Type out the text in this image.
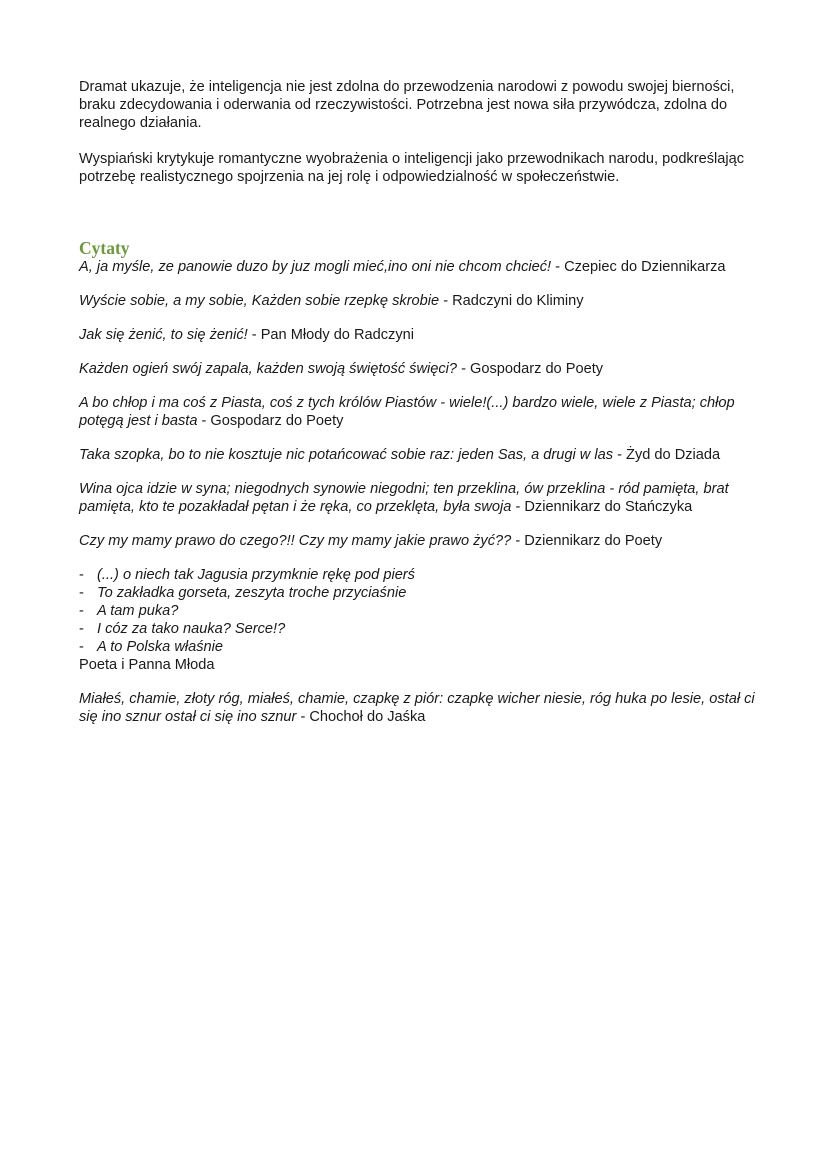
Dramat ukazuje, że inteligencja nie jest zdolna do przewodzenia narodowi z powodu swojej bierności, braku zdecydowania i oderwania od rzeczywistości. Potrzebna jest nowa siła przywódcza, zdolna do realnego działania.

Wyspiański krytykuje romantyczne wyobrażenia o inteligencji jako przewodnikach narodu, podkreślając potrzebę realistycznego spojrzenia na jej rolę i odpowiedzialność w społeczeństwie.

Cytaty

A, ja myśle, ze panowie duzo by juz mogli mieć,ino oni nie chcom chcieć! - Czepiec do Dziennikarza

Wyście sobie, a my sobie, Każden sobie rzepkę skrobie - Radczyni do Kliminy

Jak się żenić, to się żenić! - Pan Młody do Radczyni

Każden ogień swój zapala, każden swoją świętość święci? - Gospodarz do Poety

A bo chłop i ma coś z Piasta, coś z tych królów Piastów - wiele!(...) bardzo wiele, wiele z Piasta; chłop potęgą jest i basta - Gospodarz do Poety

Taka szopka, bo to nie kosztuje nic potańcować sobie raz: jeden Sas, a drugi w las - Żyd do Dziada

Wina ojca idzie w syna; niegodnych synowie niegodni; ten przeklina, ów przeklina - ród pamięta, brat pamięta, kto te pozakładał pętan i że ręka, co przeklęta, była swoja - Dziennikarz do Stańczyka

Czy my mamy prawo do czego?!! Czy my mamy jakie prawo żyć?? - Dziennikarz do Poety

- (...) o niech tak Jagusia przymknie rękę pod pierś
- To zakładka gorseta, zeszyta troche przyciaśnie
- A tam puka?
- I cóz za tako nauka? Serce!?
- A to Polska właśnie

Poeta i Panna Młoda

Miałeś, chamie, złoty róg, miałeś, chamie, czapkę z piór: czapkę wicher niesie, róg huka po lesie, ostał ci się ino sznur ostał ci się ino sznur - Chochoł do Jaśka
